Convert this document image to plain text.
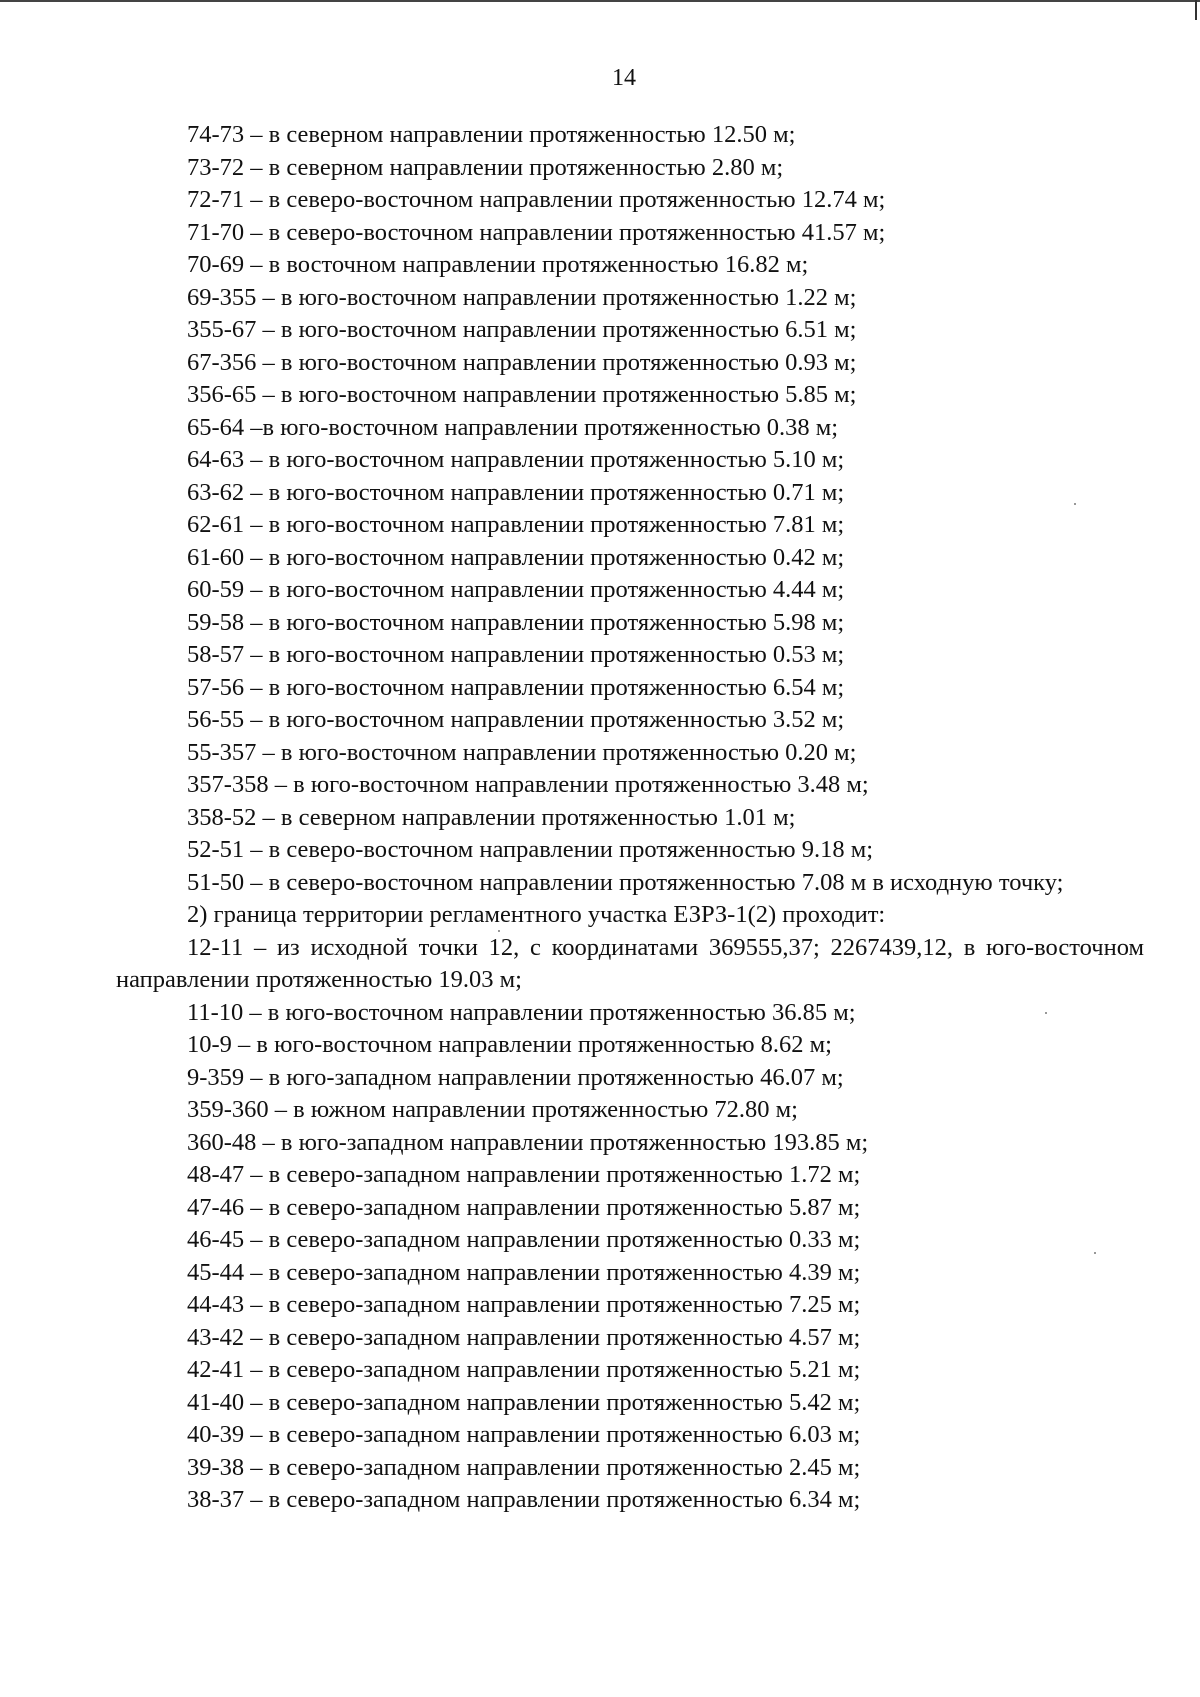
14
74-73 – в северном направлении протяженностью 12.50 м;
73-72 – в северном направлении протяженностью 2.80 м;
72-71 – в северо-восточном направлении протяженностью 12.74 м;
71-70 – в северо-восточном направлении протяженностью 41.57 м;
70-69 – в восточном направлении протяженностью 16.82 м;
69-355 – в юго-восточном направлении протяженностью 1.22 м;
355-67 – в юго-восточном направлении протяженностью 6.51 м;
67-356 – в юго-восточном направлении протяженностью 0.93 м;
356-65 – в юго-восточном направлении протяженностью 5.85 м;
65-64 –в юго-восточном направлении протяженностью 0.38 м;
64-63 – в юго-восточном направлении протяженностью 5.10 м;
63-62 – в юго-восточном направлении протяженностью 0.71 м;
62-61 – в юго-восточном направлении протяженностью 7.81 м;
61-60 – в юго-восточном направлении протяженностью 0.42 м;
60-59 – в юго-восточном направлении протяженностью 4.44 м;
59-58 – в юго-восточном направлении протяженностью 5.98 м;
58-57 – в юго-восточном направлении протяженностью 0.53 м;
57-56 – в юго-восточном направлении протяженностью 6.54 м;
56-55 – в юго-восточном направлении протяженностью 3.52 м;
55-357 – в юго-восточном направлении протяженностью 0.20 м;
357-358 – в юго-восточном направлении протяженностью 3.48 м;
358-52 – в северном направлении протяженностью 1.01 м;
52-51 – в северо-восточном направлении протяженностью 9.18 м;
51-50 – в северо-восточном направлении протяженностью 7.08 м в исходную точку;
2) граница территории регламентного участка ЕЗРЗ-1(2) проходит:
12-11 – из исходной точки 12, с координатами 369555,37; 2267439,12, в юго-восточном направлении протяженностью 19.03 м;
11-10 – в юго-восточном направлении протяженностью 36.85 м;
10-9 – в юго-восточном направлении протяженностью 8.62 м;
9-359 – в юго-западном направлении протяженностью 46.07 м;
359-360 – в южном направлении протяженностью 72.80 м;
360-48 – в юго-западном направлении протяженностью 193.85 м;
48-47 – в северо-западном направлении протяженностью 1.72 м;
47-46 – в северо-западном направлении протяженностью 5.87 м;
46-45 – в северо-западном направлении протяженностью 0.33 м;
45-44 – в северо-западном направлении протяженностью 4.39 м;
44-43 – в северо-западном направлении протяженностью 7.25 м;
43-42 – в северо-западном направлении протяженностью 4.57 м;
42-41 – в северо-западном направлении протяженностью 5.21 м;
41-40 – в северо-западном направлении протяженностью 5.42 м;
40-39 – в северо-западном направлении протяженностью 6.03 м;
39-38 – в северо-западном направлении протяженностью 2.45 м;
38-37 – в северо-западном направлении протяженностью 6.34 м;
